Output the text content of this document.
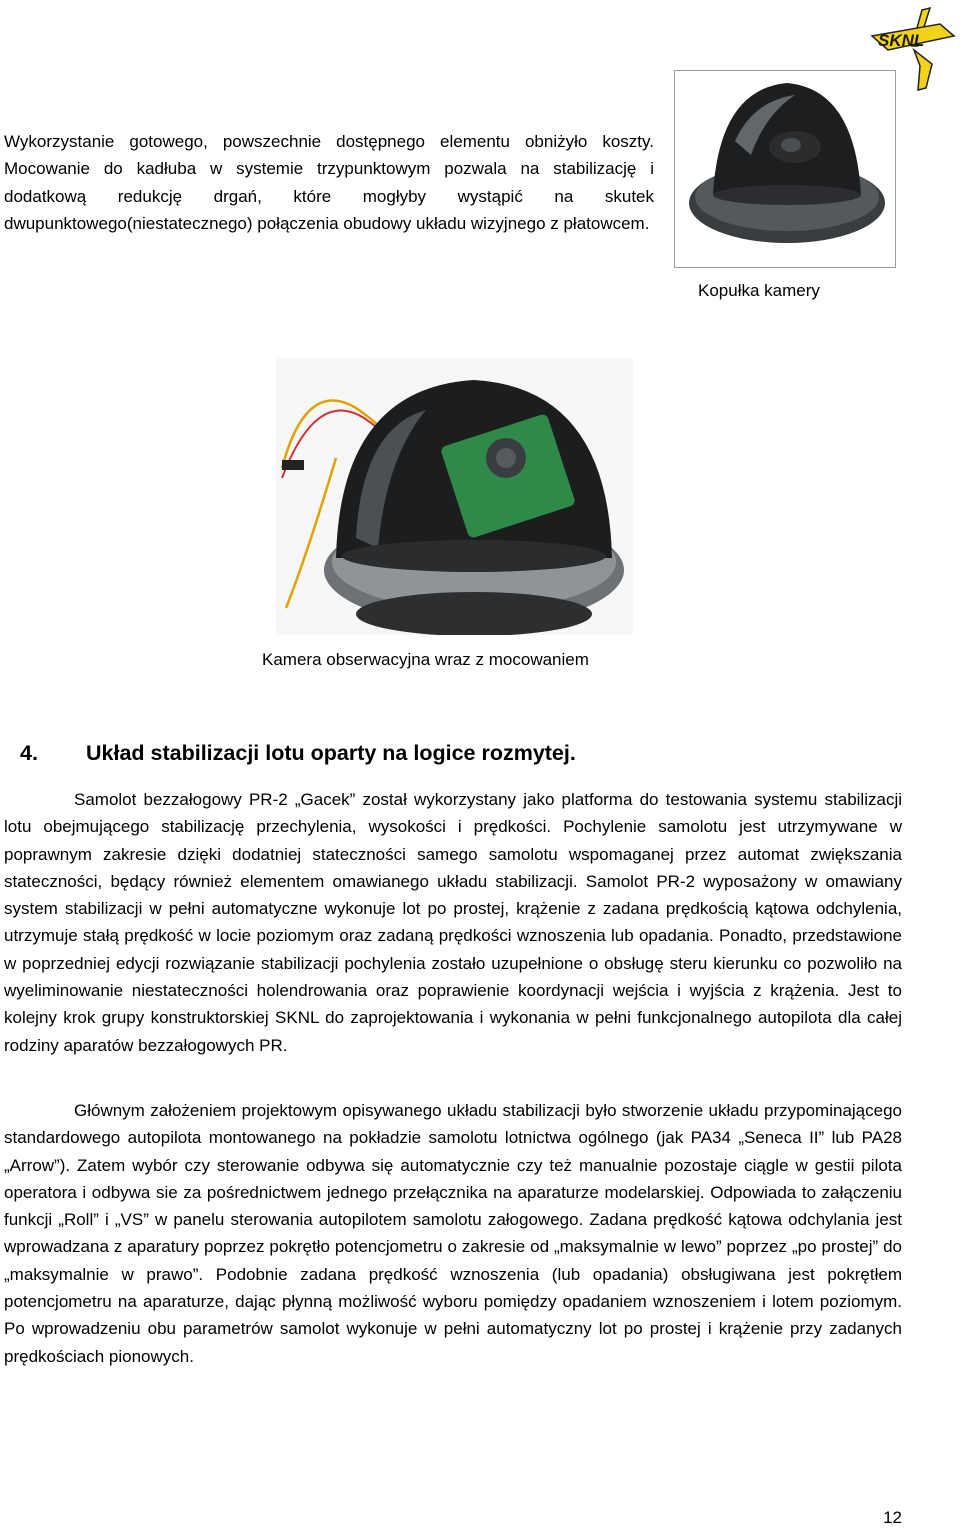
SKNL

Wykorzystanie gotowego, powszechnie dostępnego elementu obniżyło koszty. Mocowanie do kadłuba w systemie trzypunktowym pozwala na stabilizację i dodatkową redukcję drgań, które mogłyby wystąpić na skutek dwupunktowego(niestatecznego) połączenia obudowy układu wizyjnego z płatowcem.

Kopułka kamery

Kamera obserwacyjna wraz z mocowaniem

4. Układ stabilizacji lotu oparty na logice rozmytej.

Samolot bezzałogowy PR-2 „Gacek” został wykorzystany jako platforma do testowania systemu stabilizacji lotu obejmującego stabilizację przechylenia, wysokości i prędkości. Pochylenie samolotu jest utrzymywane w poprawnym zakresie dzięki dodatniej stateczności samego samolotu wspomaganej przez automat zwiększania stateczności, będący również elementem omawianego układu stabilizacji. Samolot PR-2 wyposażony w omawiany system stabilizacji w pełni automatyczne wykonuje lot po prostej, krążenie z zadana prędkością kątowa odchylenia, utrzymuje stałą prędkość w locie poziomym oraz zadaną prędkości wznoszenia lub opadania. Ponadto, przedstawione w poprzedniej edycji rozwiązanie stabilizacji pochylenia zostało uzupełnione o obsługę steru kierunku co pozwoliło na wyeliminowanie niestateczności holendrowania oraz poprawienie koordynacji wejścia i wyjścia z krążenia. Jest to kolejny krok grupy konstruktorskiej SKNL do zaprojektowania i wykonania w pełni funkcjonalnego autopilota dla całej rodziny aparatów bezzałogowych PR.

Głównym założeniem projektowym opisywanego układu stabilizacji było stworzenie układu przypominającego standardowego autopilota montowanego na pokładzie samolotu lotnictwa ogólnego (jak PA34 „Seneca II” lub PA28 „Arrow”). Zatem wybór czy sterowanie odbywa się automatycznie czy też manualnie pozostaje ciągle w gestii pilota operatora i odbywa sie za pośrednictwem jednego przełącznika na aparaturze modelarskiej. Odpowiada to załączeniu funkcji „Roll” i „VS” w panelu sterowania autopilotem samolotu załogowego. Zadana prędkość kątowa odchylania jest wprowadzana z aparatury poprzez pokrętło potencjometru o zakresie od „maksymalnie w lewo” poprzez „po prostej” do „maksymalnie w prawo”. Podobnie zadana prędkość wznoszenia (lub opadania) obsługiwana jest pokrętłem potencjometru na aparaturze, dając płynną możliwość wyboru pomiędzy opadaniem wznoszeniem i lotem poziomym. Po wprowadzeniu obu parametrów samolot wykonuje w pełni automatyczny lot po prostej i krążenie przy zadanych prędkościach pionowych.

12
